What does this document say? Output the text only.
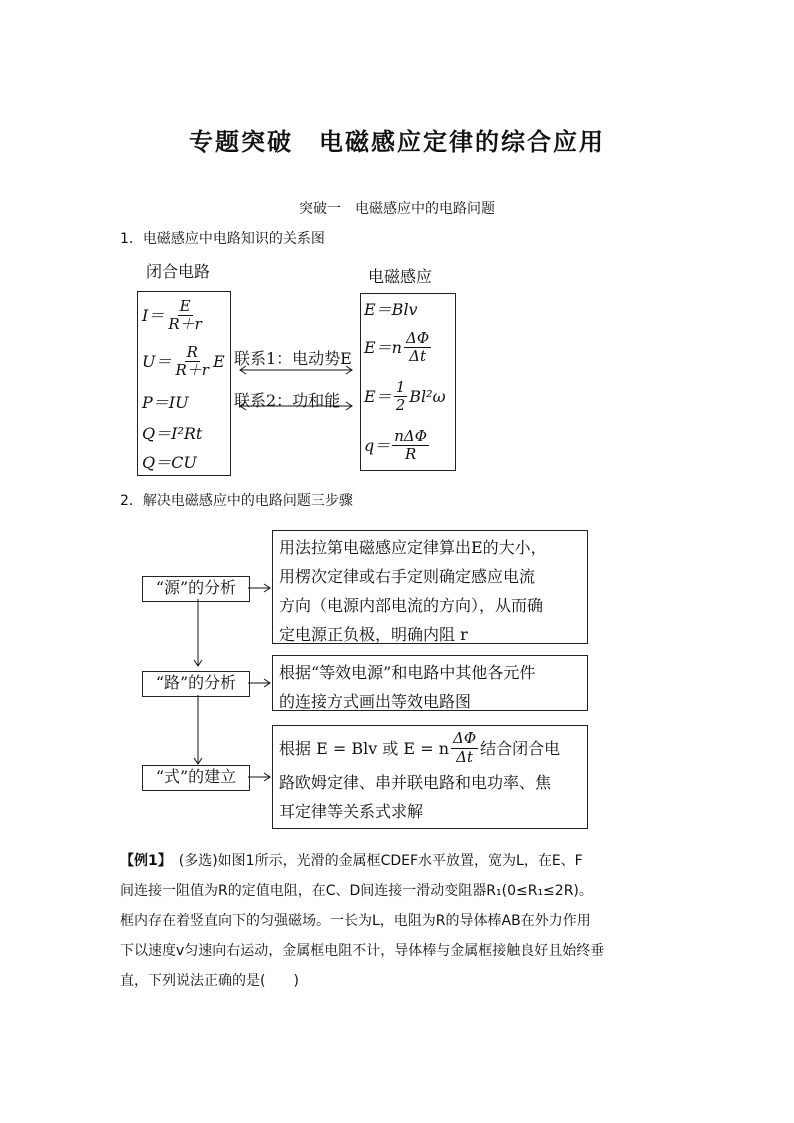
专题突破　电磁感应定律的综合应用
突破一　电磁感应中的电路问题
1．电磁感应中电路知识的关系图
闭合电路	电磁感应
$I= \frac{E}{R+r}$
$U= \frac{R}{R+r}$ E
P＝IU
Q＝I²Rt
Q＝CU
联系1：电动势E
联系2：功和能
E＝Blv
$E=n \frac{\Delta\Phi}{\Delta t}$
$E= \frac{1}{2} Bl^2\omega$
$q= \frac{\text{nΔΦ}}{R}$
2．解决电磁感应中的电路问题三步骤
“源”的分析
“路”的分析
“式”的建立
用法拉第电磁感应定律算出E的大小，
用楞次定律或右手定则确定感应电流
方向（电源内部电流的方向），从而确
定电源正负极，明确内阻 r
根据“等效电源”和电路中其他各元件
的连接方式画出等效电路图
根据 E = Blv 或 E = n $\frac{\Delta\Phi}{\Delta t}$ 结合闭合电
路欧姆定律、串并联电路和电功率、焦
耳定律等关系式求解
【例1】　(多选)如图1所示，光滑的金属框CDEF水平放置，宽为L，在E、F
间连接一阻值为R的定值电阻，在C、D间连接一滑动变阻器R₁(0≤R₁≤2R)。
框内存在着竖直向下的匀强磁场。一长为L，电阻为R的导体棒AB在外力作用
下以速度v匀速向右运动，金属框电阻不计，导体棒与金属框接触良好且始终垂
直，下列说法正确的是(　　)
